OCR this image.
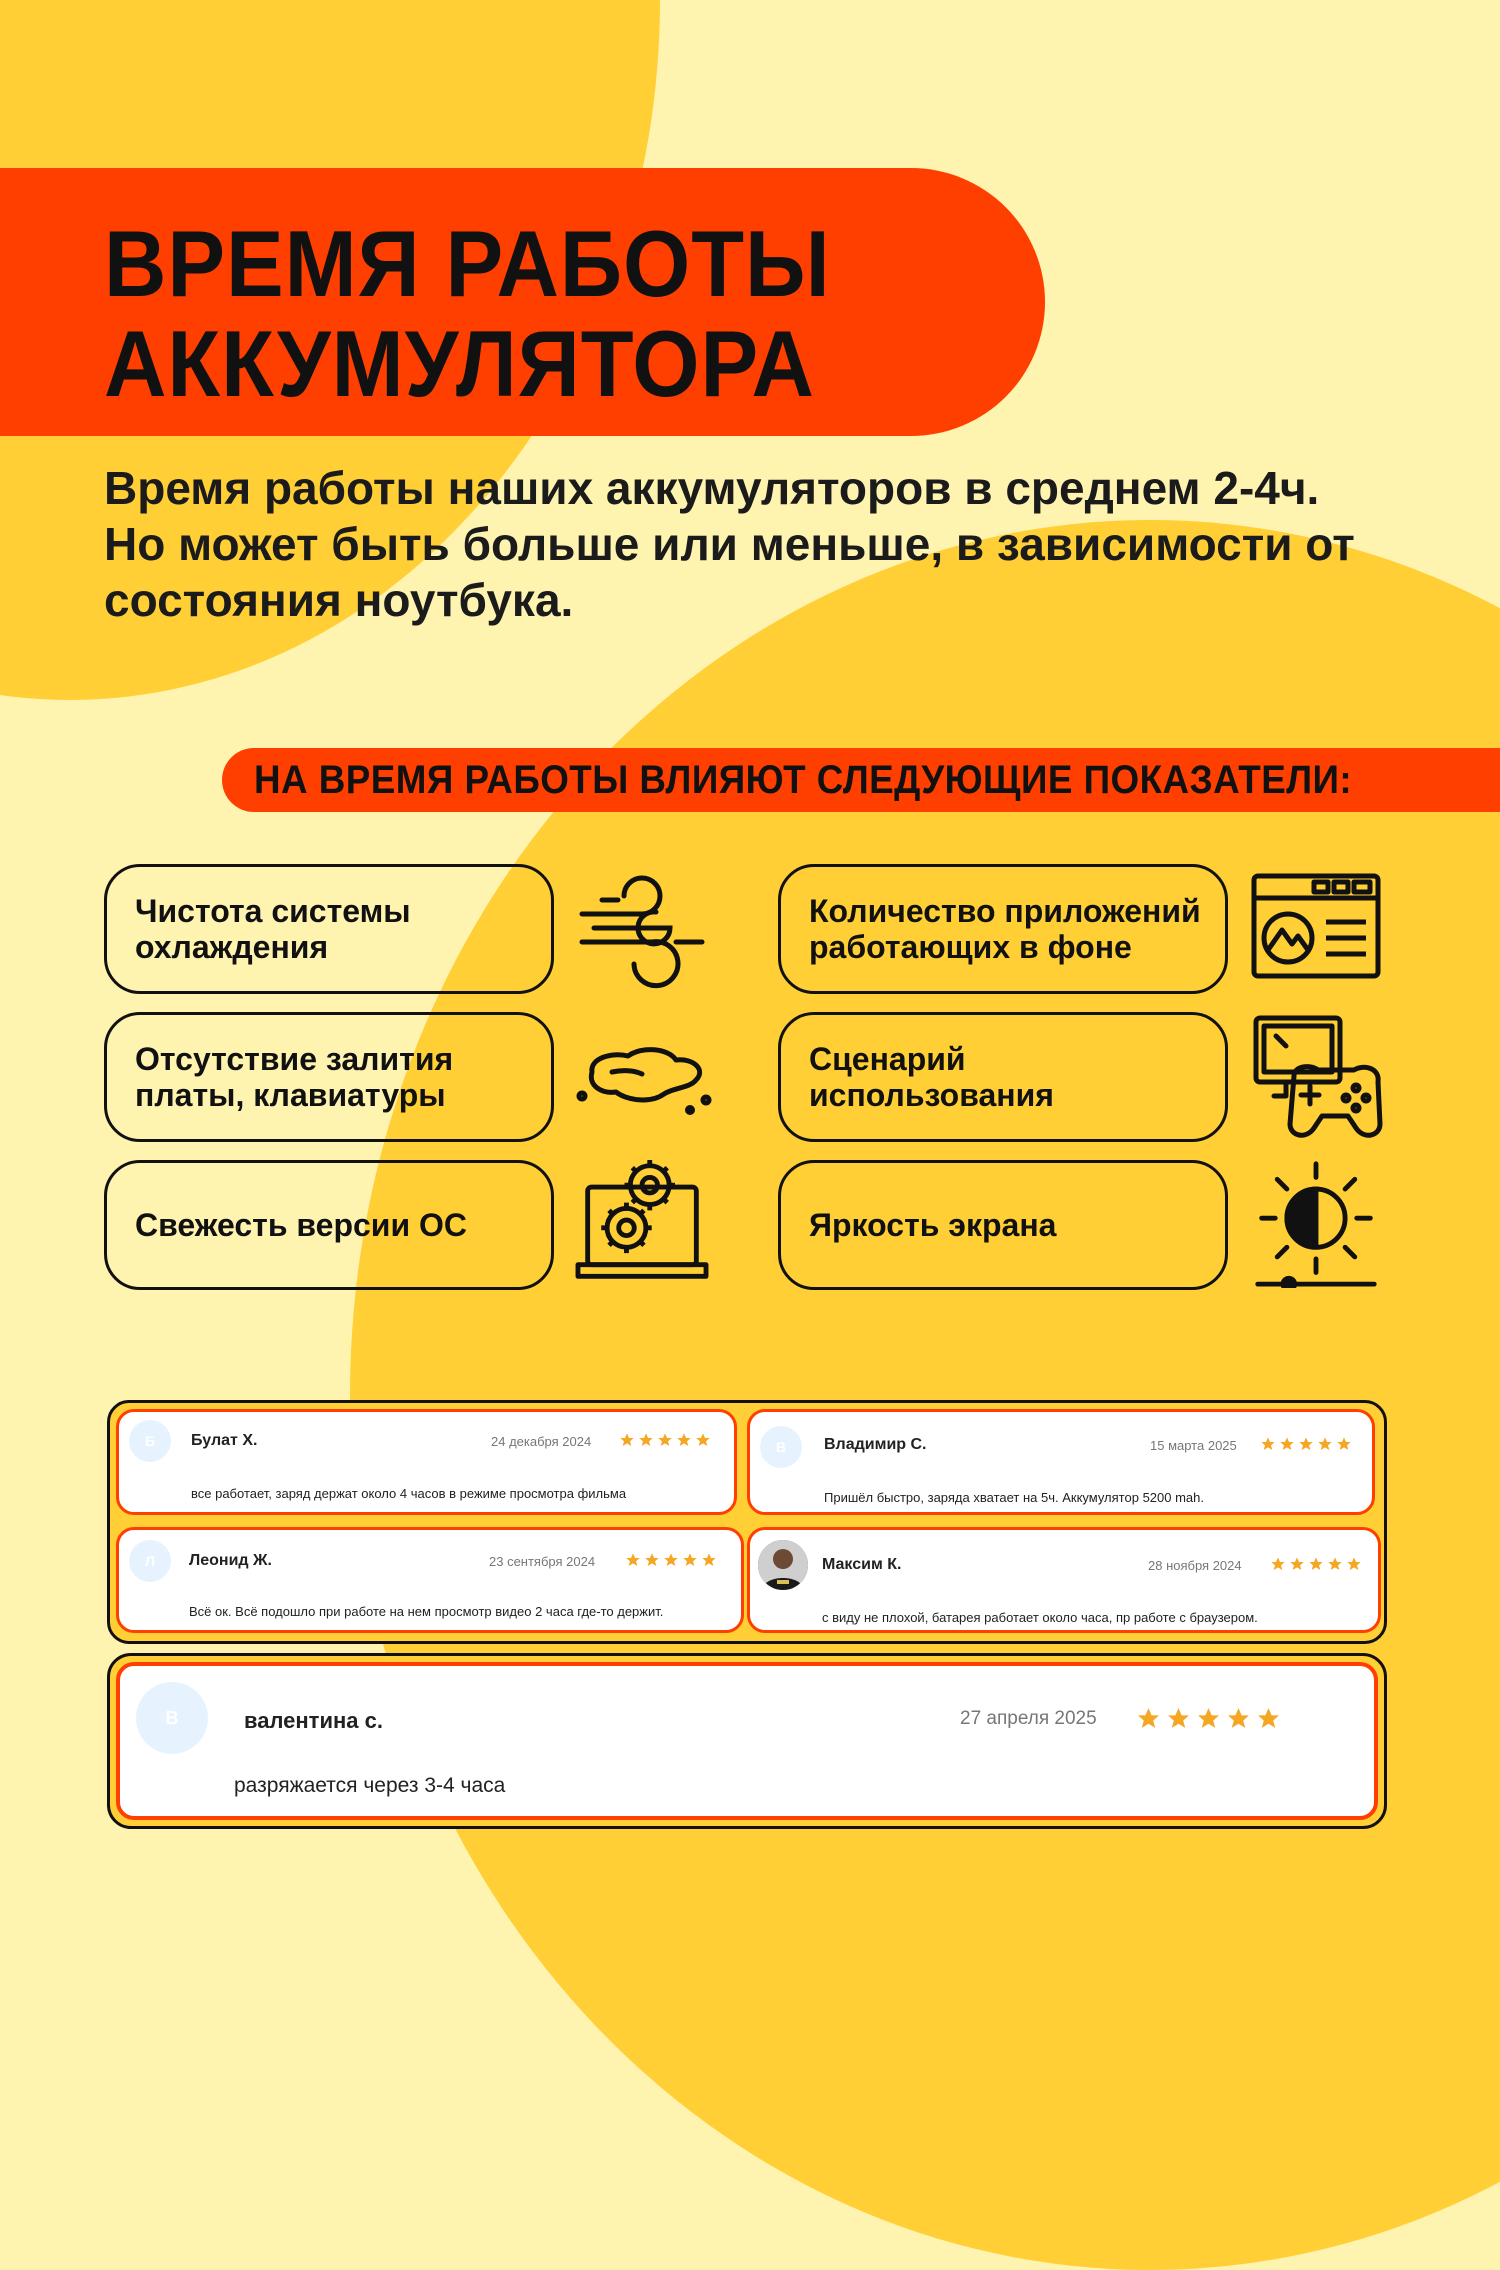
ВРЕМЯ РАБОТЫ
АККУМУЛЯТОРА

Время работы наших аккумуляторов в среднем 2-4ч.
Но может быть больше или меньше, в зависимости от
состояния ноутбука.

НА ВРЕМЯ РАБОТЫ ВЛИЯЮТ СЛЕДУЮЩИЕ ПОКАЗАТЕЛИ:
Чистота системы
охлаждения
Отсутствие залития
платы, клавиатуры
Свежесть версии ОС
Количество приложений
работающих в фоне
Сценарий
использования
Яркость экрана
Б	Булат Х.	24 декабря 2024
все работает, заряд держат около 4 часов в режиме просмотра фильма
В	Владимир С.	15 марта 2025
Пришёл быстро, заряда хватает на 5ч. Аккумулятор 5200 mah.
Л	Леонид Ж.	23 сентября 2024
Всё ок. Всё подошло при работе на нем просмотр видео 2 часа где-то держит.
Максим К.	28 ноября 2024
с виду не плохой, батарея работает около часа, пр работе с браузером.
В	валентина с.	27 апреля 2025
разряжается через 3-4 часа
